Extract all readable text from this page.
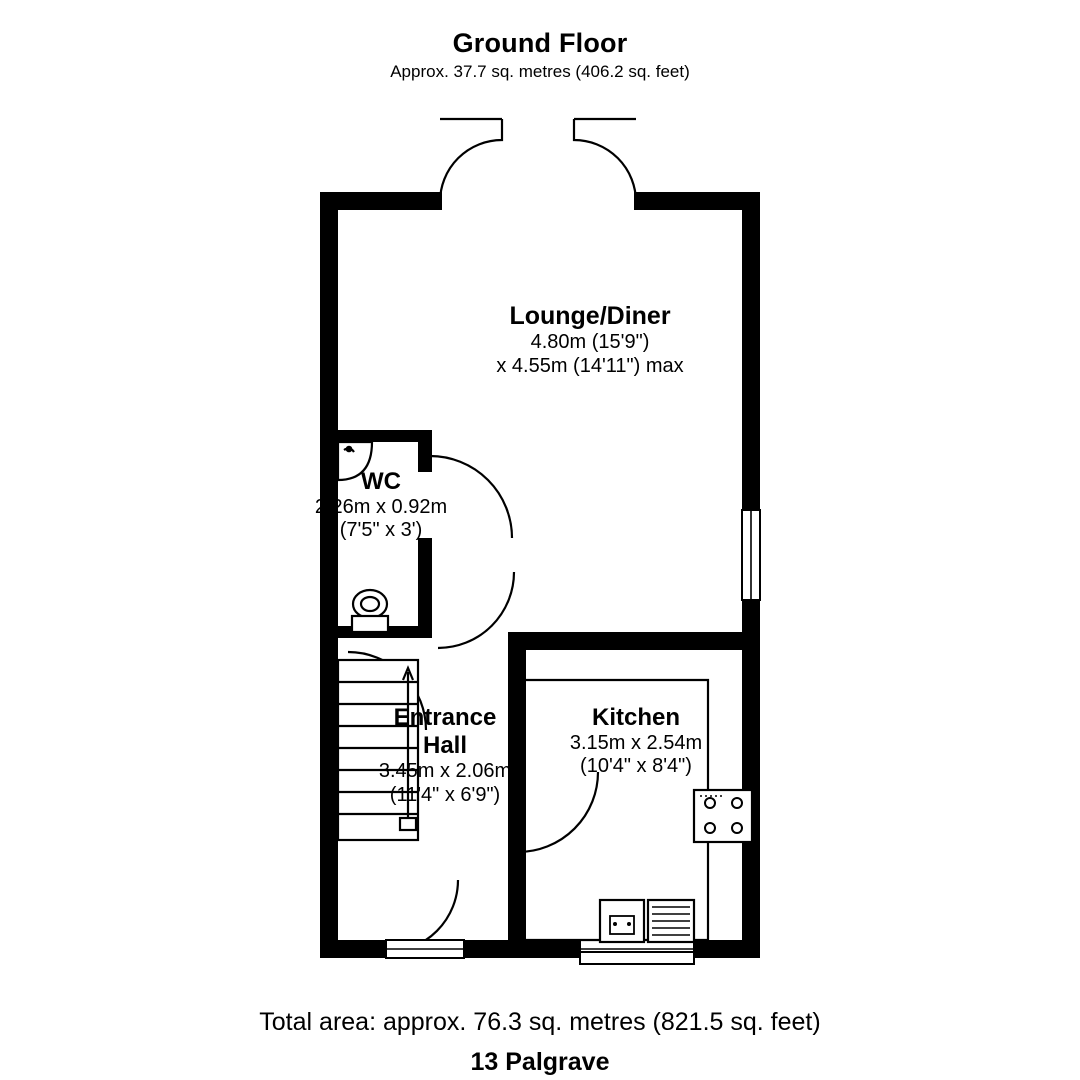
Ground Floor
Approx. 37.7 sq. metres (406.2 sq. feet)
Lounge/Diner
4.80m (15'9")
x 4.55m (14'11") max
WC
2.26m x 0.92m
(7'5" x 3')
Entrance
Hall
3.45m x 2.06m
(11'4" x 6'9")
Kitchen
3.15m x 2.54m
(10'4" x 8'4")
Total area: approx. 76.3 sq. metres (821.5 sq. feet)
13 Palgrave
